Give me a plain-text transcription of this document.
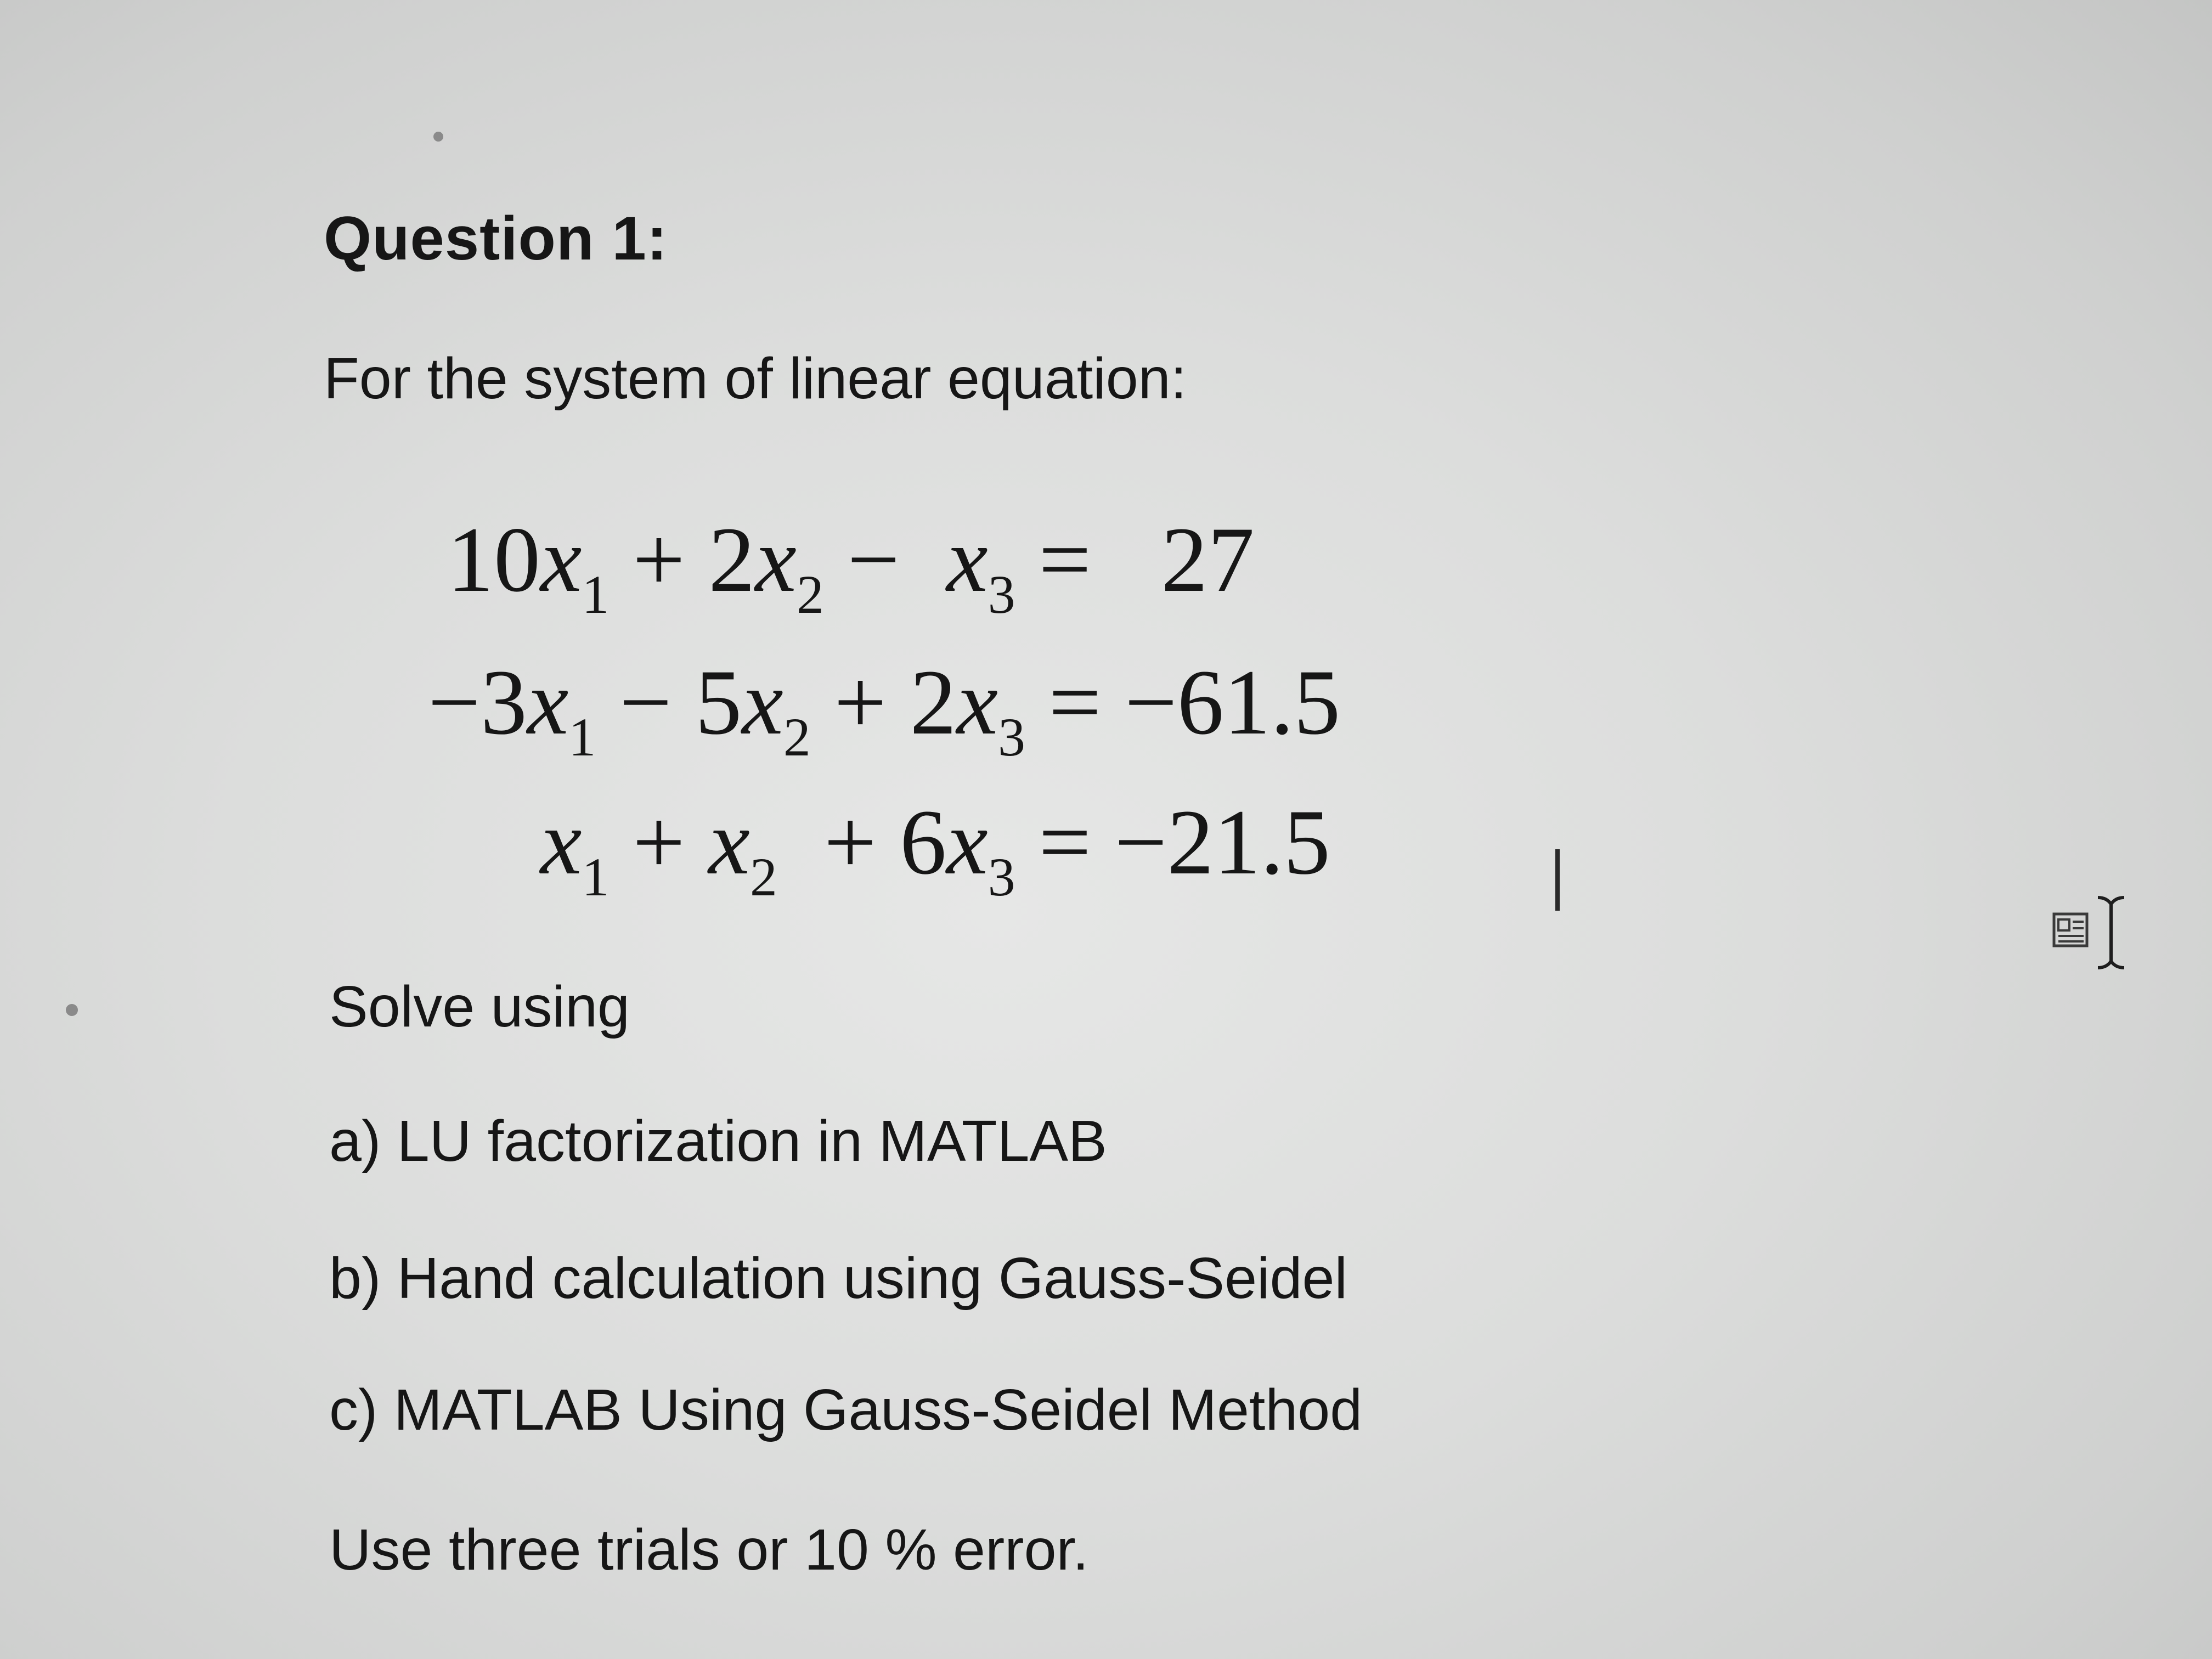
Question 1:
For the system of linear equation:
$10x_1 + 2x_2 - x_3 = 27$
$-3x_1 - 5x_2 + 2x_3 = -61.5$
$x_1 + x_2 + 6x_3 = -21.5$
Solve using
a) LU factorization in MATLAB
b) Hand calculation using Gauss-Seidel
c) MATLAB Using Gauss-Seidel Method
Use three trials or 10 % error.
